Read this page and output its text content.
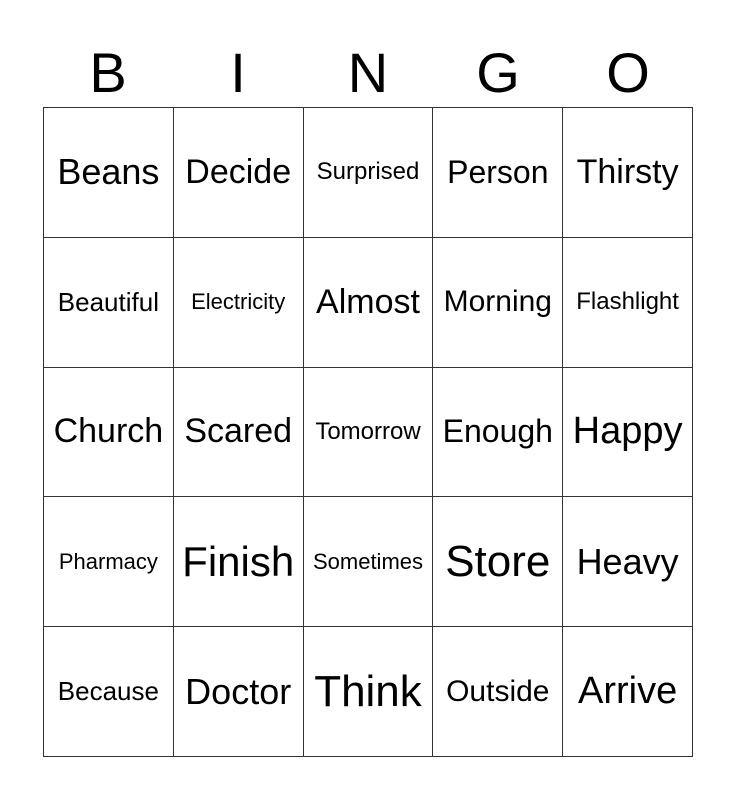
B	I	N	G	O
Beans Decide Surprised Person Thirsty
Beautiful Electricity Almost Morning Flashlight
Church Scared Tomorrow Enough Happy
Pharmacy Finish Sometimes Store Heavy
Because Doctor Think Outside Arrive
